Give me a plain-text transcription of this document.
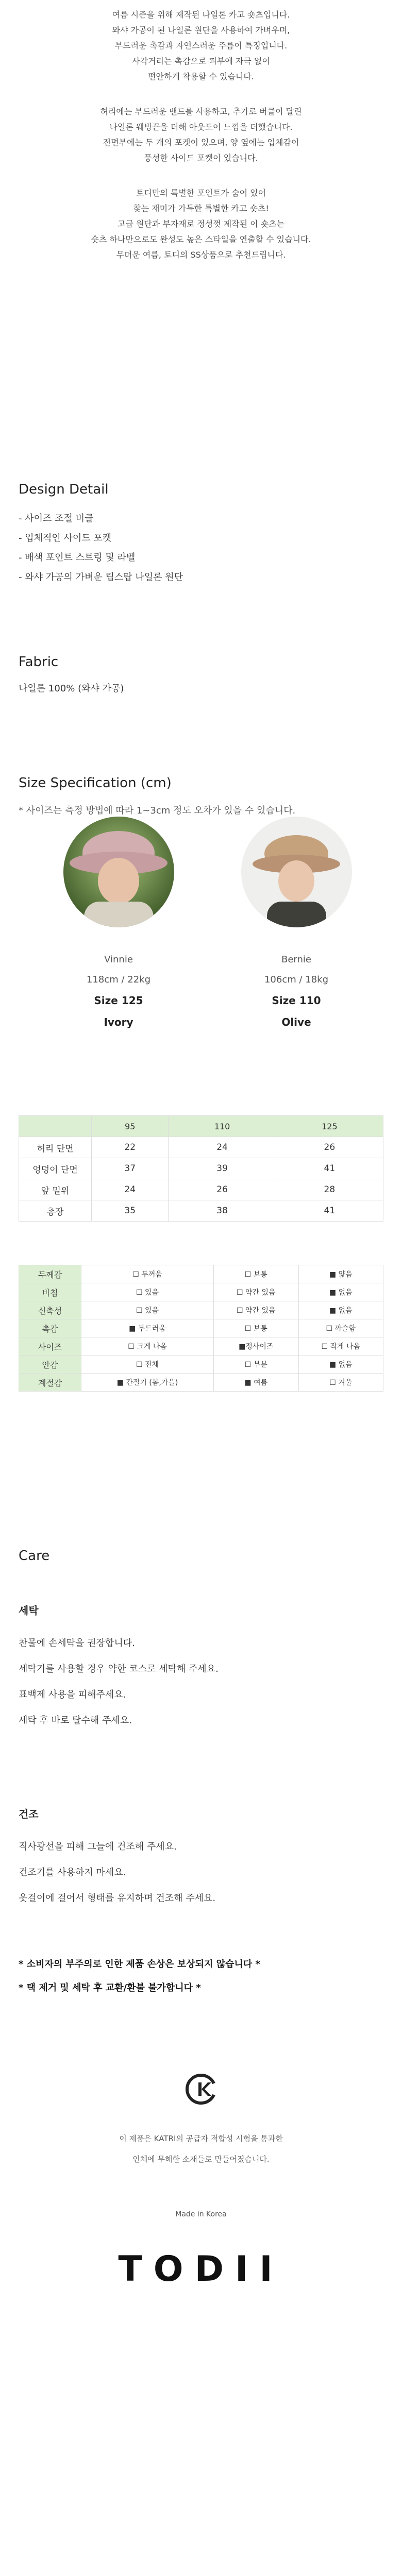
여름 시즌을 위해 제작된 나일론 카고 숏츠입니다.
와샤 가공이 된 나일론 원단을 사용하여 가벼우며,
부드러운 촉감과 자연스러운 주름이 특징입니다.
사각거리는 촉감으로 피부에 자극 없이
편안하게 착용할 수 있습니다.

허리에는 부드러운 밴드를 사용하고, 추가로 버클이 달린
나일론 웨빙끈을 더해 아웃도어 느낌을 더했습니다.
전면부에는 두 개의 포켓이 있으며, 양 옆에는 입체감이
풍성한 사이드 포켓이 있습니다.

토디만의 특별한 포인트가 숨어 있어
찾는 재미가 가득한 특별한 카고 숏츠!
고급 원단과 부자재로 정성껏 제작된 이 숏츠는
숏츠 하나만으로도 완성도 높은 스타일을 연출할 수 있습니다.
무더운 여름, 토디의 SS상품으로 추천드립니다.

Design Detail
- 사이즈 조절 버클
- 입체적인 사이드 포켓
- 배색 포인트 스트링 및 라벨
- 와샤 가공의 가벼운 립스탑 나일론 원단
Fabric
나일론 100% (와샤 가공)
Size Specification (cm)
* 사이즈는 측정 방법에 따라 1~3cm 정도 오차가 있을 수 있습니다.
Vinnie
118cm / 22kg
Size 125
Ivory
Bernie
106cm / 18kg
Size 110
Olive
	95	110	125
허리 단면	22	24	26
엉덩이 단면	37	39	41
앞 밑위	24	26	28
총장	35	38	41
두께감	☐ 두꺼움	☐ 보통	■ 얇음
비침	☐ 있음	☐ 약간 있음	■ 없음
신축성	☐ 있음	☐ 약간 있음	■ 없음
촉감	■ 부드러움	☐ 보통	☐ 까슬함
사이즈	☐ 크게 나옴	■정사이즈	☐ 작게 나옴
안감	☐ 전체	☐ 부분	■ 없음
계절감	■ 간절기 (봄,가을)	■ 여름	☐ 겨울
Care
세탁
찬물에 손세탁을 권장합니다.
세탁기를 사용할 경우 약한 코스로 세탁해 주세요.
표백제 사용을 피해주세요.
세탁 후 바로 탈수해 주세요.
건조
직사광선을 피해 그늘에 건조해 주세요.
건조기를 사용하지 마세요.
옷걸이에 걸어서 형태를 유지하며 건조해 주세요.
* 소비자의 부주의로 인한 제품 손상은 보상되지 않습니다 *
* 택 제거 및 세탁 후 교환/환불 불가합니다 *
이 제품은 KATRI의 공급자 적합성 시험을 통과한
인체에 무해한 소재들로 만들어졌습니다.
Made in Korea
TODII
